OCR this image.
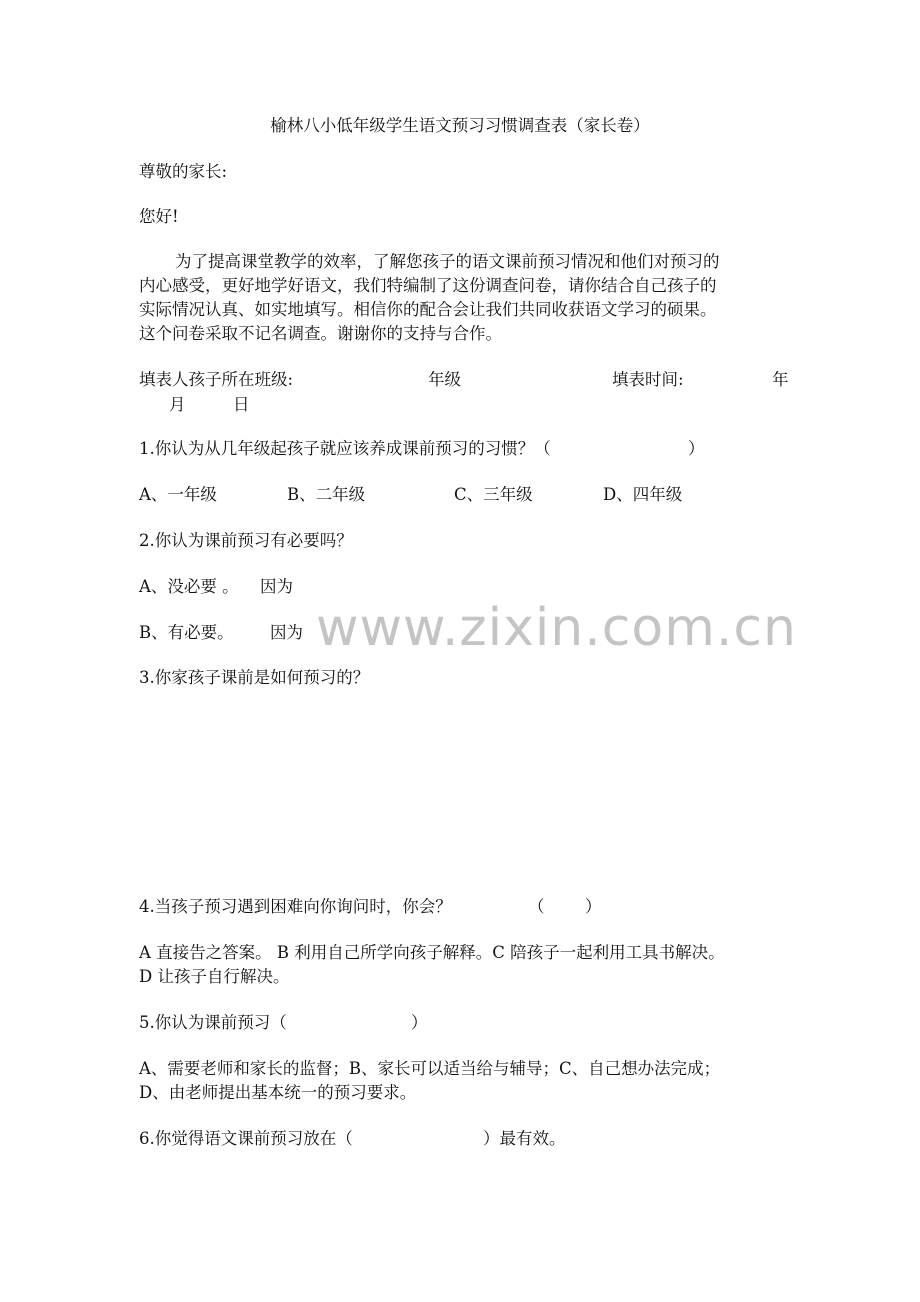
榆林八小低年级学生语文预习习惯调查表（家长卷）
尊敬的家长:
您好!
为了提高课堂教学的效率，了解您孩子的语文课前预习情况和他们对预习的
内心感受，更好地学好语文，我们特编制了这份调查问卷，请你结合自己孩子的
实际情况认真、如实地填写。相信你的配合会让我们共同收获语文学习的硕果。
这个问卷采取不记名调查。谢谢你的支持与合作。
填表人孩子所在班级:	年级	填表时间:	年
月	日
1.你认为从几年级起孩子就应该养成课前预习的习惯？（	）
A、一年级	B、二年级	C、三年级	D、四年级
2.你认为课前预习有必要吗？
A、没必要 。 因为
B、有必要。 因为 www.zixin.com.cn
3.你家孩子课前是如何预习的？
4.当孩子预习遇到困难向你询问时，你会？	（ ）
A 直接告之答案。 B 利用自己所学向孩子解释。C 陪孩子一起利用工具书解决。
D 让孩子自行解决。
5.你认为课前预习（	）
A、需要老师和家长的监督；B、家长可以适当给与辅导；C、自己想办法完成；
D、由老师提出基本统一的预习要求。
6.你觉得语文课前预习放在（	）最有效。
